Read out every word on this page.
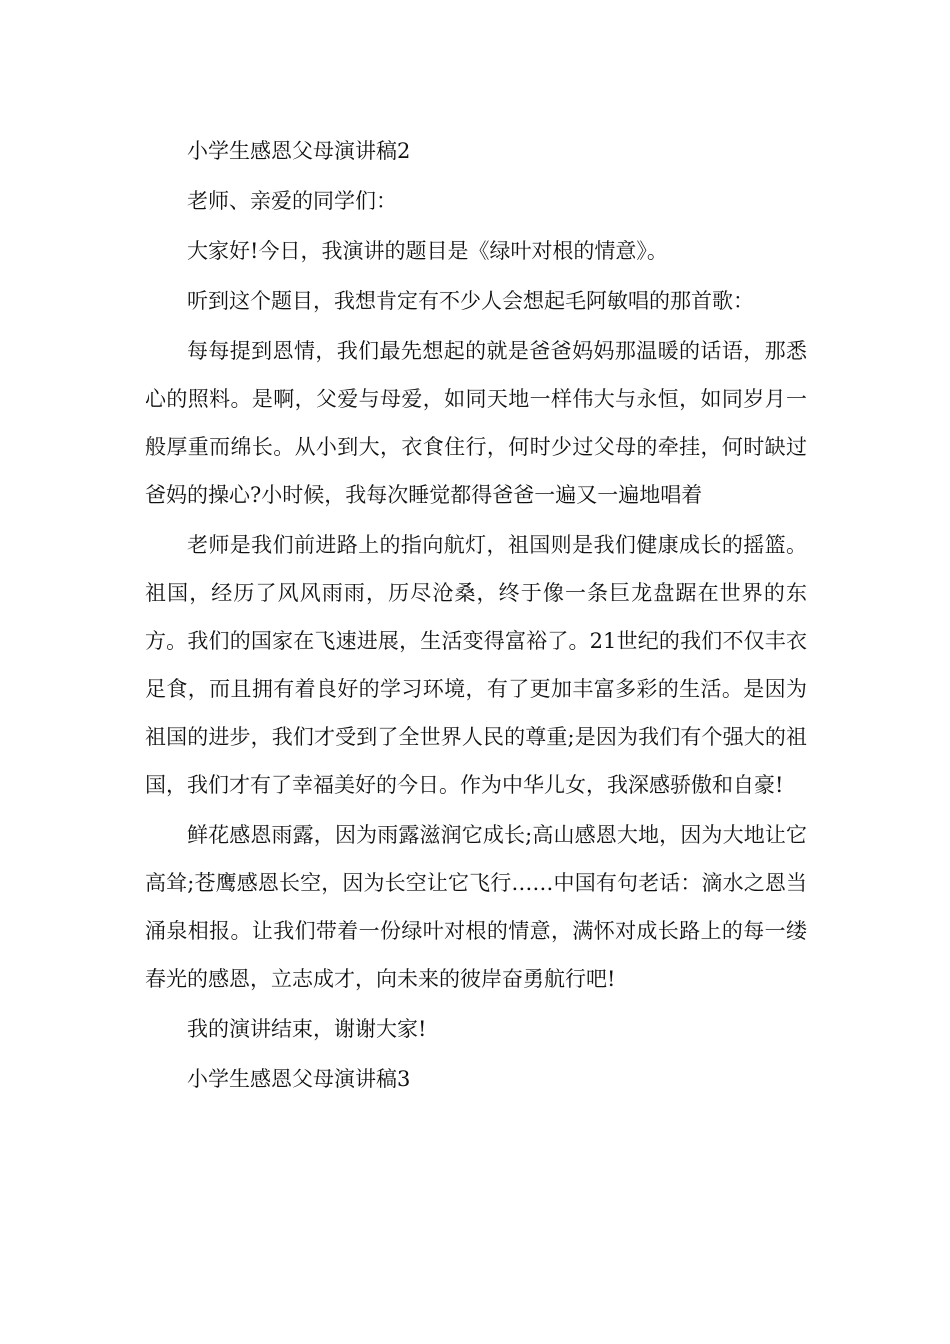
小学生感恩父母演讲稿2

老师、亲爱的同学们：

大家好!今日，我演讲的题目是《绿叶对根的情意》。

听到这个题目，我想肯定有不少人会想起毛阿敏唱的那首歌：

每每提到恩情，我们最先想起的就是爸爸妈妈那温暖的话语，那悉心的照料。是啊，父爱与母爱，如同天地一样伟大与永恒，如同岁月一般厚重而绵长。从小到大，衣食住行，何时少过父母的牵挂，何时缺过爸妈的操心?小时候，我每次睡觉都得爸爸一遍又一遍地唱着

老师是我们前进路上的指向航灯，祖国则是我们健康成长的摇篮。祖国，经历了风风雨雨，历尽沧桑，终于像一条巨龙盘踞在世界的东方。我们的国家在飞速进展，生活变得富裕了。21世纪的我们不仅丰衣足食，而且拥有着良好的学习环境，有了更加丰富多彩的生活。是因为祖国的进步，我们才受到了全世界人民的尊重;是因为我们有个强大的祖国，我们才有了幸福美好的今日。作为中华儿女，我深感骄傲和自豪!

鲜花感恩雨露，因为雨露滋润它成长;高山感恩大地，因为大地让它高耸;苍鹰感恩长空，因为长空让它飞行……中国有句老话：滴水之恩当涌泉相报。让我们带着一份绿叶对根的情意，满怀对成长路上的每一缕春光的感恩，立志成才，向未来的彼岸奋勇航行吧!

我的演讲结束，谢谢大家!

小学生感恩父母演讲稿3
